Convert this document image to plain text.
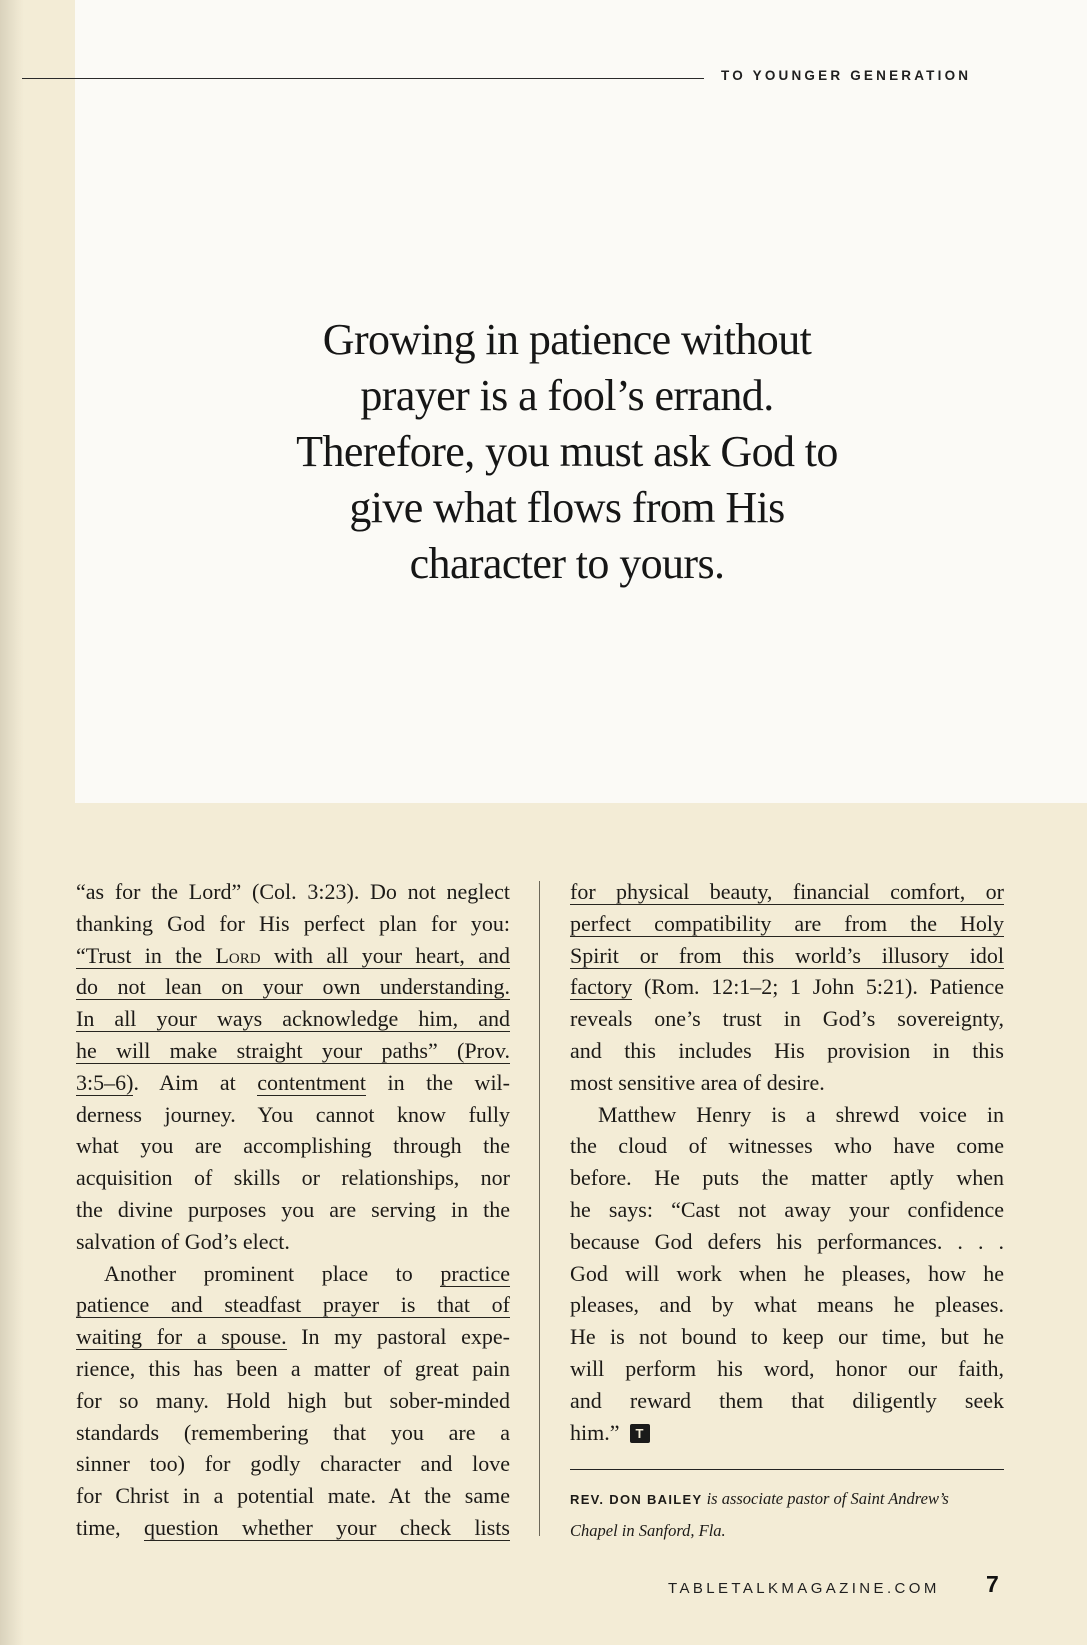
TO YOUNGER GENERATION
Growing in patience without
prayer is a fool’s errand.
Therefore, you must ask God to
give what flows from His
character to yours.
“as for the Lord” (Col. 3:23). Do not neglect
thanking God for His perfect plan for you:
“Trust in the Lord with all your heart, and
do not lean on your own understanding.
In all your ways acknowledge him, and
he will make straight your paths” (Prov.
3:5–6). Aim at contentment in the wil-
derness journey. You cannot know fully
what you are accomplishing through the
acquisition of skills or relationships, nor
the divine purposes you are serving in the
salvation of God’s elect.
Another prominent place to practice
patience and steadfast prayer is that of
waiting for a spouse. In my pastoral expe-
rience, this has been a matter of great pain
for so many. Hold high but sober-minded
standards (remembering that you are a
sinner too) for godly character and love
for Christ in a potential mate. At the same
time, question whether your check lists
for physical beauty, financial comfort, or
perfect compatibility are from the Holy
Spirit or from this world’s illusory idol
factory (Rom. 12:1–2; 1 John 5:21). Patience
reveals one’s trust in God’s sovereignty,
and this includes His provision in this
most sensitive area of desire.
Matthew Henry is a shrewd voice in
the cloud of witnesses who have come
before. He puts the matter aptly when
he says: “Cast not away your confidence
because God defers his performances. . . .
God will work when he pleases, how he
pleases, and by what means he pleases.
He is not bound to keep our time, but he
will perform his word, honor our faith,
and reward them that diligently seek
him.” T
REV. DON BAILEY is associate pastor of Saint Andrew’s
Chapel in Sanford, Fla.
TABLETALKMAGAZINE.COM 7
